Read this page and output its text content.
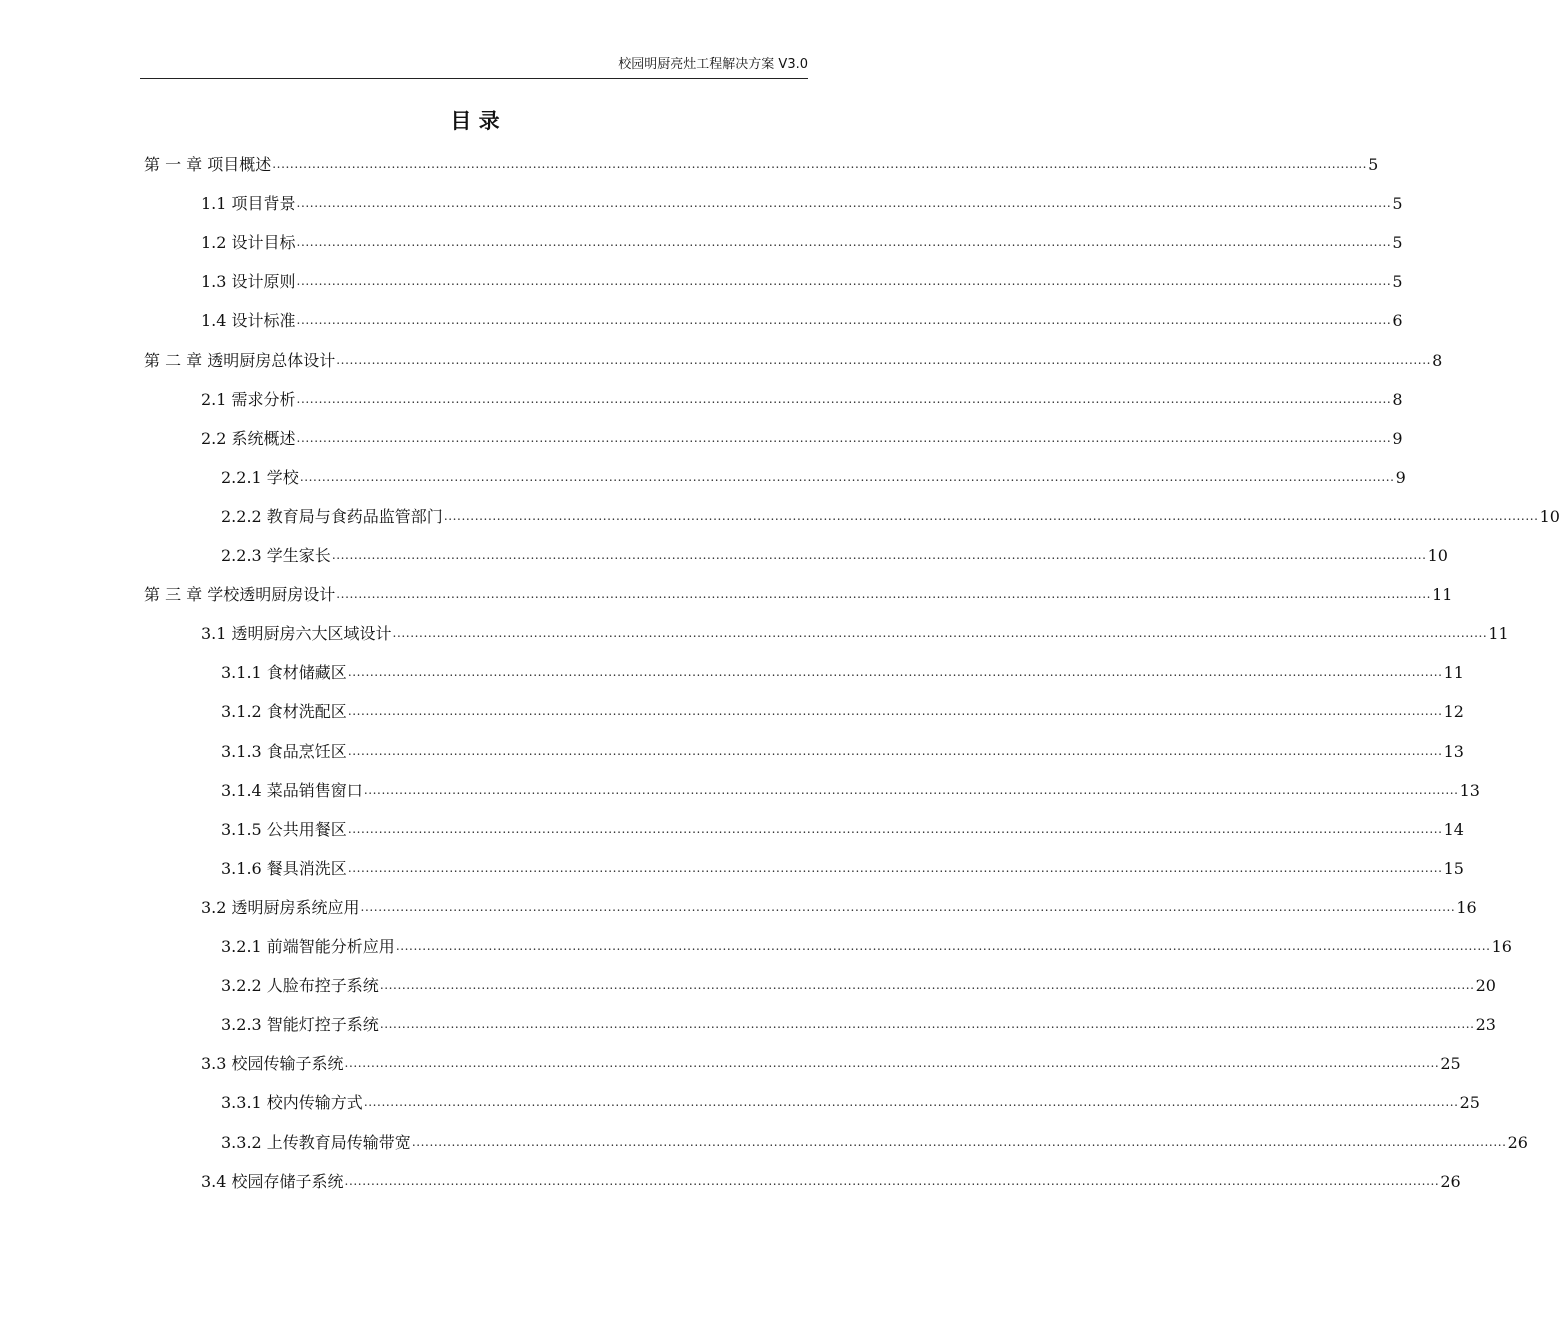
校园明厨亮灶工程解决方案 V3.0
目 录
第 一 章 项目概述 ........................................................................................................................................................................................................................................................ 5
1.1 项目背景 ........................................................................................................................................................................................................................................................ 5
1.2 设计目标 ........................................................................................................................................................................................................................................................ 5
1.3 设计原则 ........................................................................................................................................................................................................................................................ 5
1.4 设计标准 ........................................................................................................................................................................................................................................................ 6
第 二 章 透明厨房总体设计 ........................................................................................................................................................................................................................................................ 8
2.1 需求分析 ........................................................................................................................................................................................................................................................ 8
2.2 系统概述 ........................................................................................................................................................................................................................................................ 9
2.2.1 学校 ........................................................................................................................................................................................................................................................ 9
2.2.2 教育局与食药品监管部门 ........................................................................................................................................................................................................................................................ 10
2.2.3 学生家长 ........................................................................................................................................................................................................................................................ 10
第 三 章 学校透明厨房设计 ........................................................................................................................................................................................................................................................ 11
3.1 透明厨房六大区域设计 ........................................................................................................................................................................................................................................................ 11
3.1.1 食材储藏区 ........................................................................................................................................................................................................................................................ 11
3.1.2 食材洗配区 ........................................................................................................................................................................................................................................................ 12
3.1.3 食品烹饪区 ........................................................................................................................................................................................................................................................ 13
3.1.4 菜品销售窗口 ........................................................................................................................................................................................................................................................ 13
3.1.5 公共用餐区 ........................................................................................................................................................................................................................................................ 14
3.1.6 餐具消洗区 ........................................................................................................................................................................................................................................................ 15
3.2 透明厨房系统应用 ........................................................................................................................................................................................................................................................ 16
3.2.1 前端智能分析应用 ........................................................................................................................................................................................................................................................ 16
3.2.2 人脸布控子系统 ........................................................................................................................................................................................................................................................ 20
3.2.3 智能灯控子系统 ........................................................................................................................................................................................................................................................ 23
3.3 校园传输子系统 ........................................................................................................................................................................................................................................................ 25
3.3.1 校内传输方式 ........................................................................................................................................................................................................................................................ 25
3.3.2 上传教育局传输带宽 ........................................................................................................................................................................................................................................................ 26
3.4 校园存储子系统 ........................................................................................................................................................................................................................................................ 26
